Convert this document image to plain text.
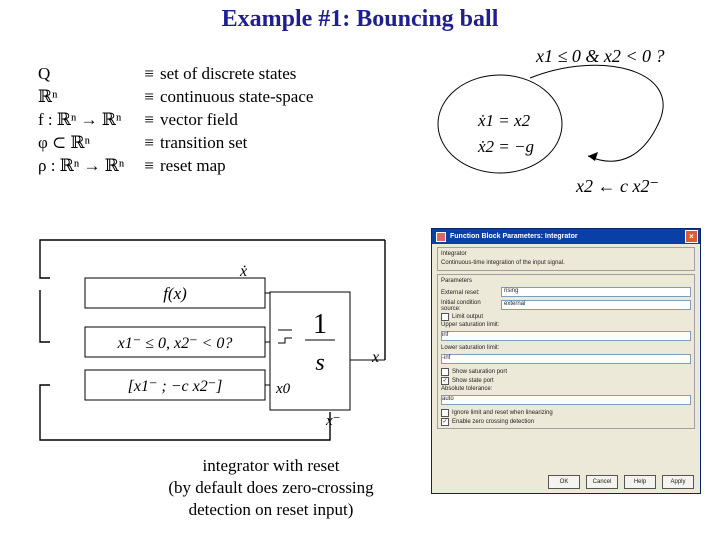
Example #1: Bouncing ball
Q	≡ set of discrete states
ℝⁿ	≡ continuous state-space
f : ℝⁿ → ℝⁿ	≡ vector field
φ ⊂ ℝⁿ	≡ transition set
ρ : ℝⁿ → ℝⁿ	≡ reset map
x1 ≤ 0 & x2 < 0 ?
x2 ← c x2⁻
ẋ1 = x2
ẋ2 = −g
f(x)
x1⁻ ≤ 0, x2⁻ < 0?
[x1⁻ ; −c x2⁻]
1
s
ẋ
x
x0
x⁻
integrator with reset
(by default does zero-crossing
detection on reset input)
Function Block Parameters: Integrator	×
Integrator
Continuous-time integration of the input signal.
Parameters
External reset:	rising
Initial condition source:
external
Limit output
Upper saturation limit:
inf
Lower saturation limit:
-inf
Show saturation port
✓ Show state port
Absolute tolerance:
auto
Ignore limit and reset when linearizing
✓ Enable zero crossing detection
OK	Cancel	Help	Apply
